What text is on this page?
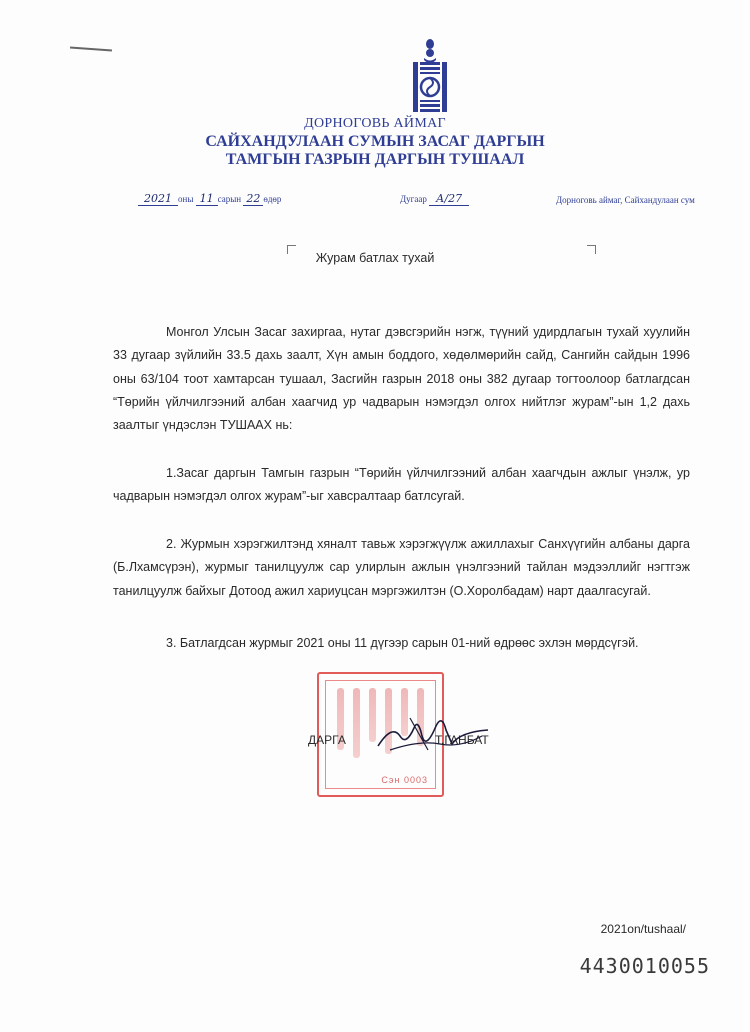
ДОРНОГОВЬ АЙМАГ
САЙХАНДУЛААН СУМЫН ЗАСАГ ДАРГЫН
ТАМГЫН ГАЗРЫН ДАРГЫН ТУШААЛ
2021 оны 11 сарын 22 өдөр	Дугаар А/27	Дорноговь аймаг, Сайхандулаан сум
Журам батлах тухай

Монгол Улсын Засаг захиргаа, нутаг дэвсгэрийн нэгж, түүний удирдлагын тухай хуулийн 33 дугаар зүйлийн 33.5 дахь заалт, Хүн амын боддого, хөдөлмөрийн сайд, Сангийн сайдын 1996 оны 63/104 тоот хамтарсан тушаал, Засгийн газрын 2018 оны 382 дугаар тогтоолоор батлагдсан “Төрийн үйлчилгээний албан хаагчид ур чадварын нэмэгдэл олгох нийтлэг журам”-ын 1,2 дахь заалтыг үндэслэн ТУШААХ нь:

1.Засаг даргын Тамгын газрын “Төрийн үйлчилгээний албан хаагчдын ажлыг үнэлж, ур чадварын нэмэгдэл олгох журам”-ыг хавсралтаар батлсугай.

2. Журмын хэрэгжилтэнд хяналт тавьж хэрэгжүүлж ажиллахыг Санхүүгийн албаны дарга (Б.Лхамсүрэн), журмыг танилцуулж сар улирлын ажлын үнэлгээний тайлан мэдээллийг нэгтгэж танилцуулж байхыг Дотоод ажил хариуцсан мэргэжилтэн (О.Хоролбадам) нарт даалгасугай.

3. Батлагдсан журмыг 2021 оны 11 дүгээр сарын 01-ний өдрөөс эхлэн мөрдсүгэй.

Сэн 0003
ДАРГА	Т.ГАНБАТ
2021on/tushaal/
4430010055
